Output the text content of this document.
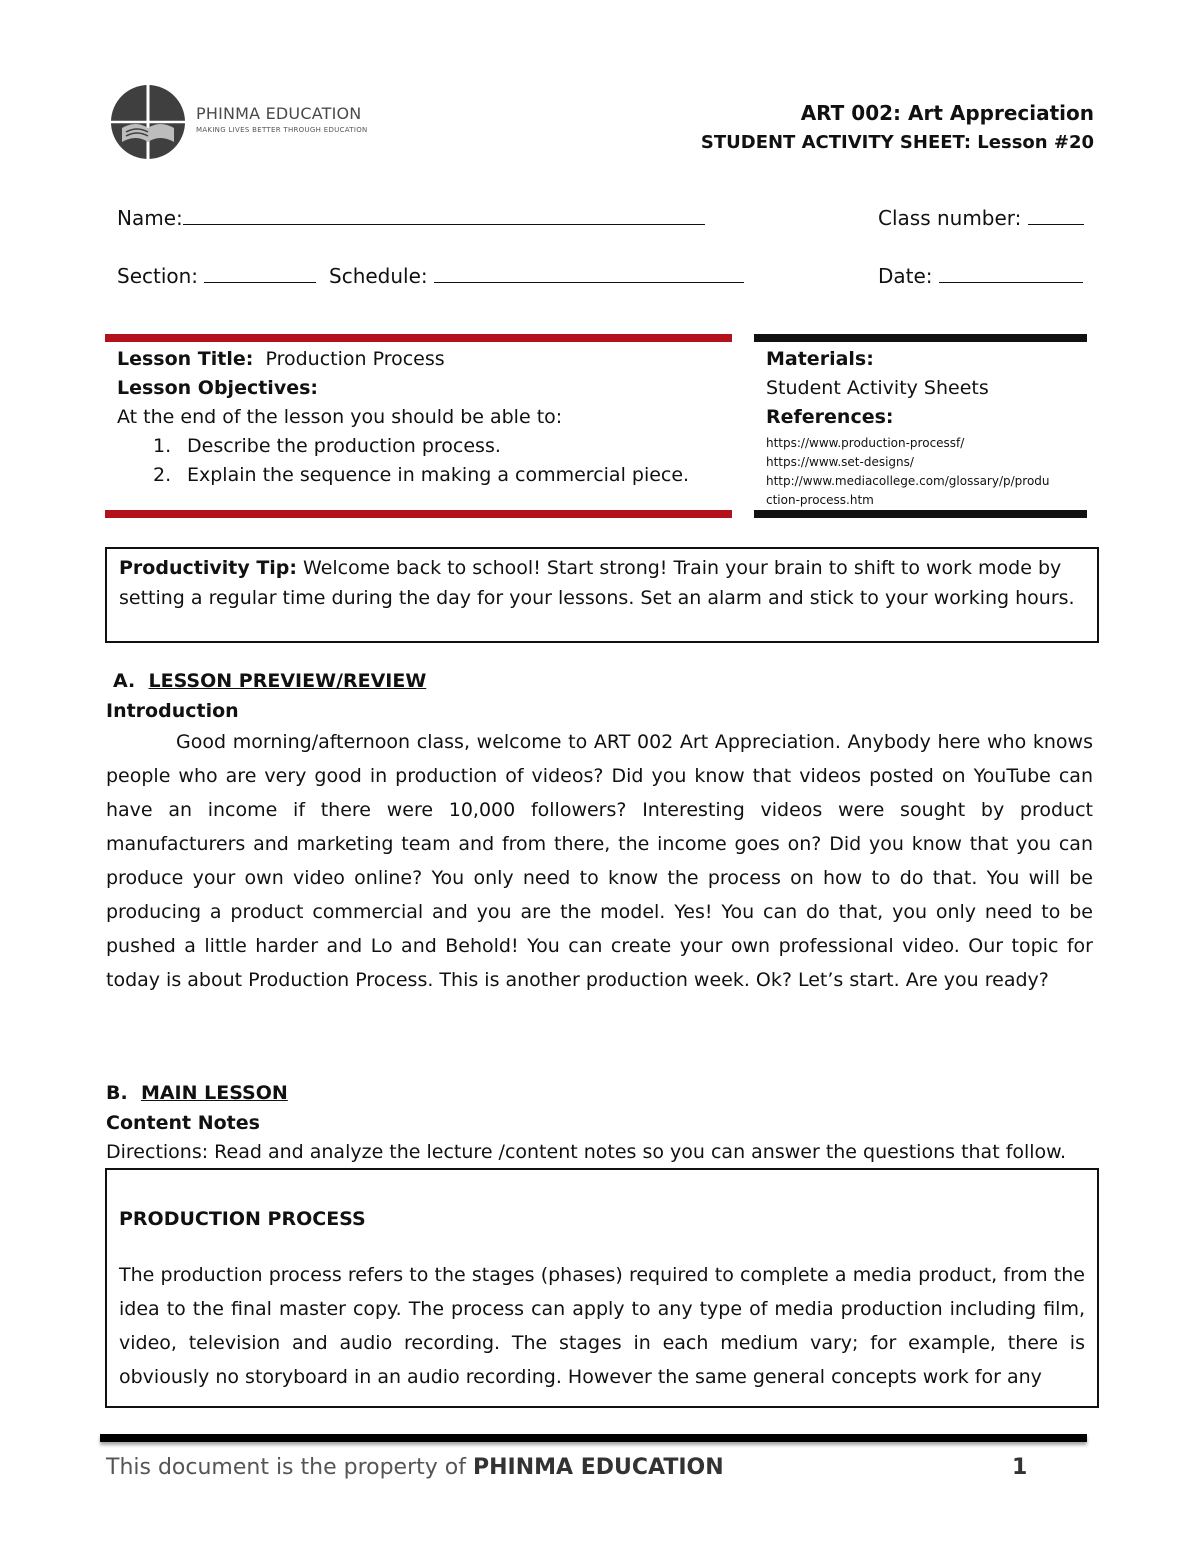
PHINMA EDUCATION
MAKING LIVES BETTER THROUGH EDUCATION
ART 002: Art Appreciation
STUDENT ACTIVITY SHEET: Lesson #20
Name:	Class number:
Section:	Schedule:	Date:
Lesson Title: Production Process
Lesson Objectives:
At the end of the lesson you should be able to:
1. Describe the production process.
2. Explain the sequence in making a commercial piece.
Materials:
Student Activity Sheets
References:
https://www.production-processf/
https://www.set-designs/
http://www.mediacollege.com/glossary/p/produ
ction-process.htm
Productivity Tip: Welcome back to school! Start strong! Train your brain to shift to work mode by setting a regular time during the day for your lessons. Set an alarm and stick to your working hours.
A. LESSON PREVIEW/REVIEW
Introduction
Good morning/afternoon class, welcome to ART 002 Art Appreciation. Anybody here who knows people who are very good in production of videos? Did you know that videos posted on YouTube can have an income if there were 10,000 followers? Interesting videos were sought by product manufacturers and marketing team and from there, the income goes on? Did you know that you can produce your own video online? You only need to know the process on how to do that. You will be producing a product commercial and you are the model. Yes! You can do that, you only need to be pushed a little harder and Lo and Behold! You can create your own professional video. Our topic for today is about Production Process. This is another production week. Ok? Let’s start. Are you ready?
B. MAIN LESSON
Content Notes
Directions: Read and analyze the lecture /content notes so you can answer the questions that follow.
PRODUCTION PROCESS
The production process refers to the stages (phases) required to complete a media product, from the idea to the final master copy. The process can apply to any type of media production including film, video, television and audio recording. The stages in each medium vary; for example, there is obviously no storyboard in an audio recording. However the same general concepts work for any
This document is the property of PHINMA EDUCATION	1
